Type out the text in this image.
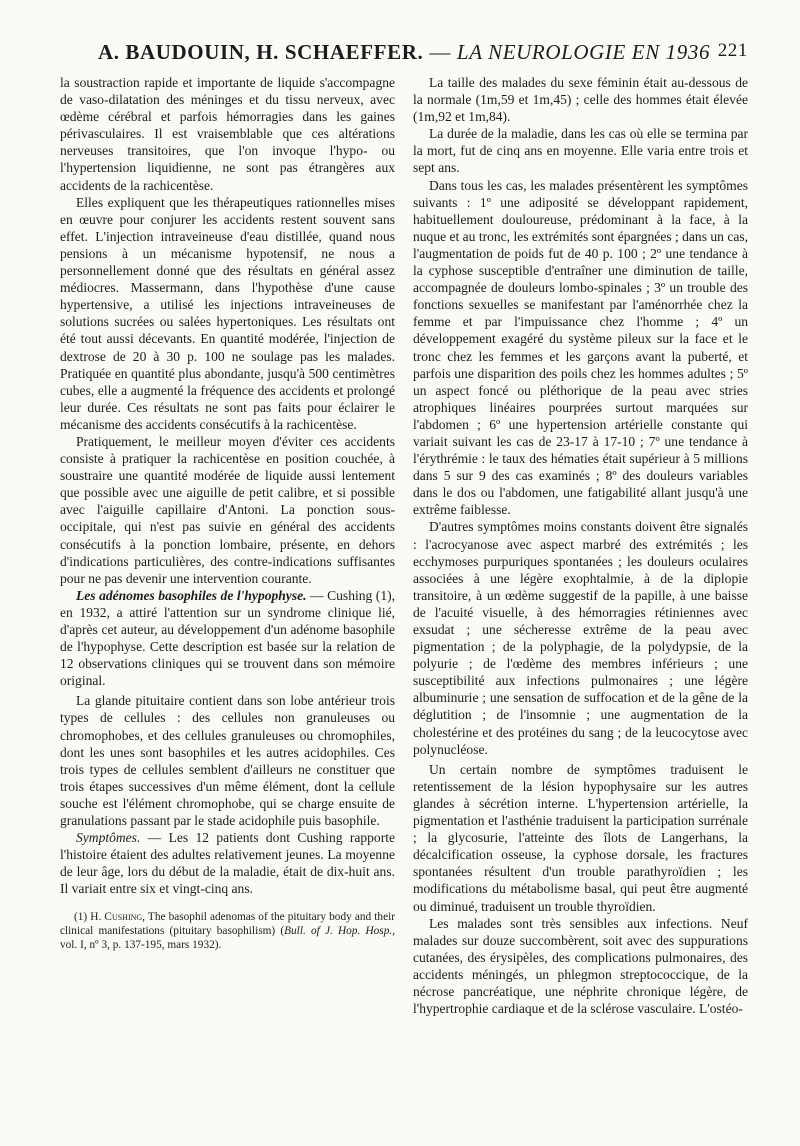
A. BAUDOUIN, H. SCHAEFFER. — LA NEUROLOGIE EN 1936 221

la soustraction rapide et importante de liquide s'accompagne de vaso-dilatation des méninges et du tissu nerveux, avec œdème cérébral et parfois hémorragies dans les gaines périvasculaires. Il est vraisemblable que ces altérations nerveuses transitoires, que l'on invoque l'hypo- ou l'hypertension liquidienne, ne sont pas étrangères aux accidents de la rachicentèse.

Elles expliquent que les thérapeutiques rationnelles mises en œuvre pour conjurer les accidents restent souvent sans effet. L'injection intraveineuse d'eau distillée, quand nous pensions à un mécanisme hypotensif, ne nous a personnellement donné que des résultats en général assez médiocres. Massermann, dans l'hypothèse d'une cause hypertensive, a utilisé les injections intraveineuses de solutions sucrées ou salées hypertoniques. Les résultats ont été tout aussi décevants. En quantité modérée, l'injection de dextrose de 20 à 30 p. 100 ne soulage pas les malades. Pratiquée en quantité plus abondante, jusqu'à 500 centimètres cubes, elle a augmenté la fréquence des accidents et prolongé leur durée. Ces résultats ne sont pas faits pour éclairer le mécanisme des accidents consécutifs à la rachicentèse.

Pratiquement, le meilleur moyen d'éviter ces accidents consiste à pratiquer la rachicentèse en position couchée, à soustraire une quantité modérée de liquide aussi lentement que possible avec une aiguille de petit calibre, et si possible avec l'aiguille capillaire d'Antoni. La ponction sous-occipitale, qui n'est pas suivie en général des accidents consécutifs à la ponction lombaire, présente, en dehors d'indications particulières, des contre-indications suffisantes pour ne pas devenir une intervention courante.

Les adénomes basophiles de l'hypophyse. — Cushing (1), en 1932, a attiré l'attention sur un syndrome clinique lié, d'après cet auteur, au développement d'un adénome basophile de l'hypophyse. Cette description est basée sur la relation de 12 observations cliniques qui se trouvent dans son mémoire original.

La glande pituitaire contient dans son lobe antérieur trois types de cellules : des cellules non granuleuses ou chromophobes, et des cellules granuleuses ou chromophiles, dont les unes sont basophiles et les autres acidophiles. Ces trois types de cellules semblent d'ailleurs ne constituer que trois étapes successives d'un même élément, dont la cellule souche est l'élément chromophobe, qui se charge ensuite de granulations passant par le stade acidophile puis basophile.

Symptômes. — Les 12 patients dont Cushing rapporte l'histoire étaient des adultes relativement jeunes. La moyenne de leur âge, lors du début de la maladie, était de dix-huit ans. Il variait entre six et vingt-cinq ans.

(1) H. Cushing, The basophil adenomas of the pituitary body and their clinical manifestations (pituitary basophilism) (Bull. of J. Hop. Hosp., vol. I, nº 3, p. 137-195, mars 1932).

La taille des malades du sexe féminin était au-dessous de la normale (1m,59 et 1m,45) ; celle des hommes était élevée (1m,92 et 1m,84).

La durée de la maladie, dans les cas où elle se termina par la mort, fut de cinq ans en moyenne. Elle varia entre trois et sept ans.

Dans tous les cas, les malades présentèrent les symptômes suivants : 1º une adiposité se développant rapidement, habituellement douloureuse, prédominant à la face, à la nuque et au tronc, les extrémités sont épargnées ; dans un cas, l'augmentation de poids fut de 40 p. 100 ; 2º une tendance à la cyphose susceptible d'entraîner une diminution de taille, accompagnée de douleurs lombo-spinales ; 3º un trouble des fonctions sexuelles se manifestant par l'aménorrhée chez la femme et par l'impuissance chez l'homme ; 4º un développement exagéré du système pileux sur la face et le tronc chez les femmes et les garçons avant la puberté, et parfois une disparition des poils chez les hommes adultes ; 5º un aspect foncé ou pléthorique de la peau avec stries atrophiques linéaires pourprées surtout marquées sur l'abdomen ; 6º une hypertension artérielle constante qui variait suivant les cas de 23-17 à 17-10 ; 7º une tendance à l'érythrémie : le taux des hématies était supérieur à 5 millions dans 5 sur 9 des cas examinés ; 8º des douleurs variables dans le dos ou l'abdomen, une fatigabilité allant jusqu'à une extrême faiblesse.

D'autres symptômes moins constants doivent être signalés : l'acrocyanose avec aspect marbré des extrémités ; les ecchymoses purpuriques spontanées ; les douleurs oculaires associées à une légère exophtalmie, à de la diplopie transitoire, à un œdème suggestif de la papille, à une baisse de l'acuité visuelle, à des hémorragies rétiniennes avec exsudat ; une sécheresse extrême de la peau avec pigmentation ; de la polyphagie, de la polydypsie, de la polyurie ; de l'œdème des membres inférieurs ; une susceptibilité aux infections pulmonaires ; une légère albuminurie ; une sensation de suffocation et de la gêne de la déglutition ; de l'insomnie ; une augmentation de la cholestérine et des protéines du sang ; de la leucocytose avec polynucléose.

Un certain nombre de symptômes traduisent le retentissement de la lésion hypophysaire sur les autres glandes à sécrétion interne. L'hypertension artérielle, la pigmentation et l'asthénie traduisent la participation surrénale ; la glycosurie, l'atteinte des îlots de Langerhans, la décalcification osseuse, la cyphose dorsale, les fractures spontanées résultent d'un trouble parathyroïdien ; les modifications du métabolisme basal, qui peut être augmenté ou diminué, traduisent un trouble thyroïdien.

Les malades sont très sensibles aux infections. Neuf malades sur douze succombèrent, soit avec des suppurations cutanées, des érysipèles, des complications pulmonaires, des accidents méningés, un phlegmon streptococcique, de la nécrose pancréatique, une néphrite chronique légère, de l'hypertrophie cardiaque et de la sclérose vasculaire. L'ostéo-
